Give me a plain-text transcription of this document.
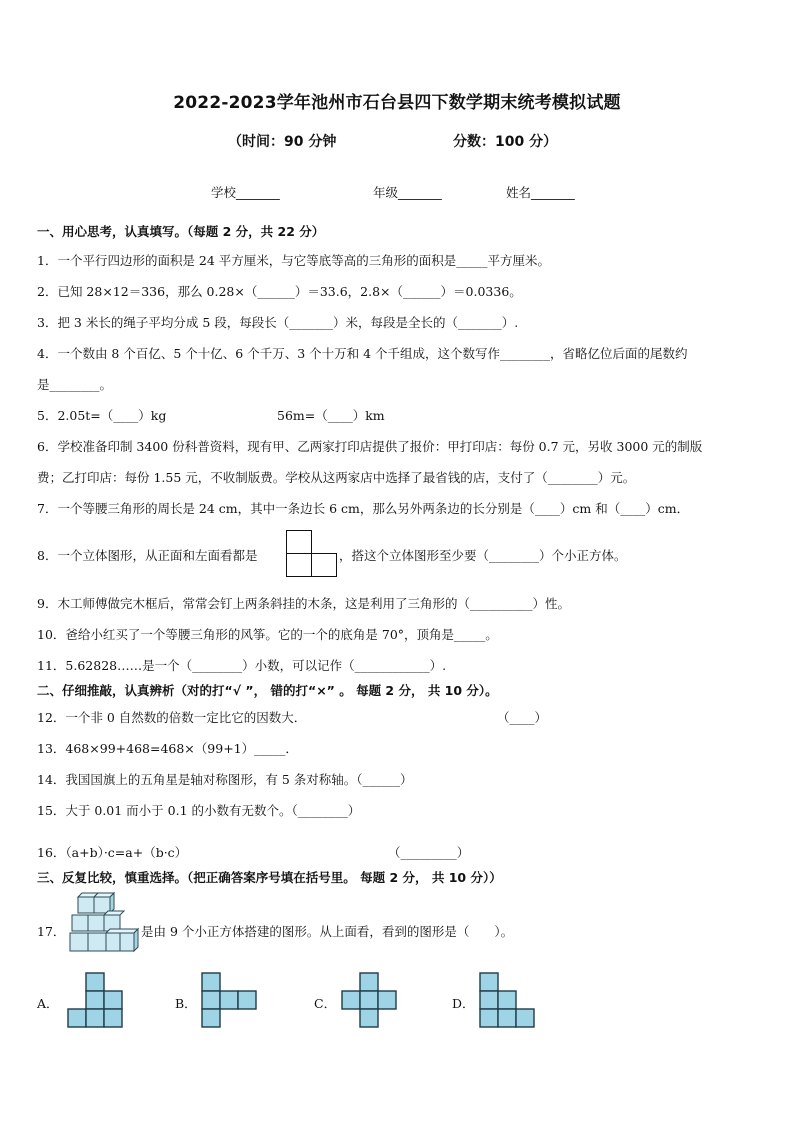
2022-2023学年池州市石台县四下数学期末统考模拟试题
（时间：90 分钟	分数：100 分）
学校_______	年级_______	姓名_______
一、用心思考，认真填写。（每题 2 分，共 22 分）
1．一个平行四边形的面积是 24 平方厘米，与它等底等高的三角形的面积是_____平方厘米。
2．已知 28×12＝336，那么 0.28×（______）＝33.6，2.8×（______）＝0.0336。
3．把 3 米长的绳子平均分成 5 段，每段长（_______）米，每段是全长的（_______）.
4．一个数由 8 个百亿、5 个十亿、6 个千万、3 个十万和 4 个千组成，这个数写作________，省略亿位后面的尾数约
是________。
5．2.05t=（____）kg	56m=（____）km
6．学校准备印制 3400 份科普资料，现有甲、乙两家打印店提供了报价：甲打印店：每份 0.7 元，另收 3000 元的制版
费；乙打印店：每份 1.55 元，不收制版费。学校从这两家店中选择了最省钱的店，支付了（________）元。
7．一个等腰三角形的周长是 24 cm，其中一条边长 6 cm，那么另外两条边的长分别是（____）cm 和（____）cm．
8．一个立体图形，从正面和左面看都是	，搭这个立体图形至少要（________）个小正方体。
9．木工师傅做完木框后，常常会钉上两条斜挂的木条，这是利用了三角形的（__________）性。
10．爸给小红买了一个等腰三角形的风筝。它的一个的底角是 70°，顶角是_____。
11．5.62828……是一个（________）小数，可以记作（____________）.
二、仔细推敲，认真辨析（对的打“√ ”， 错的打“×” 。 每题 2 分， 共 10 分）。
12．一个非 0 自然数的倍数一定比它的因数大．	（____）
13．468×99+468=468×（99+1）_____．
14．我国国旗上的五角星是轴对称图形，有 5 条对称轴。（______）
15．大于 0.01 而小于 0.1 的小数有无数个。（________）
16．（a+b）·c=a+（b·c）	（_________）
三、反复比较，慎重选择。（把正确答案序号填在括号里。 每题 2 分， 共 10 分））
17．	是由 9 个小正方体搭建的图形。从上面看，看到的图形是（　　）。
A．	B．	C．	D．
